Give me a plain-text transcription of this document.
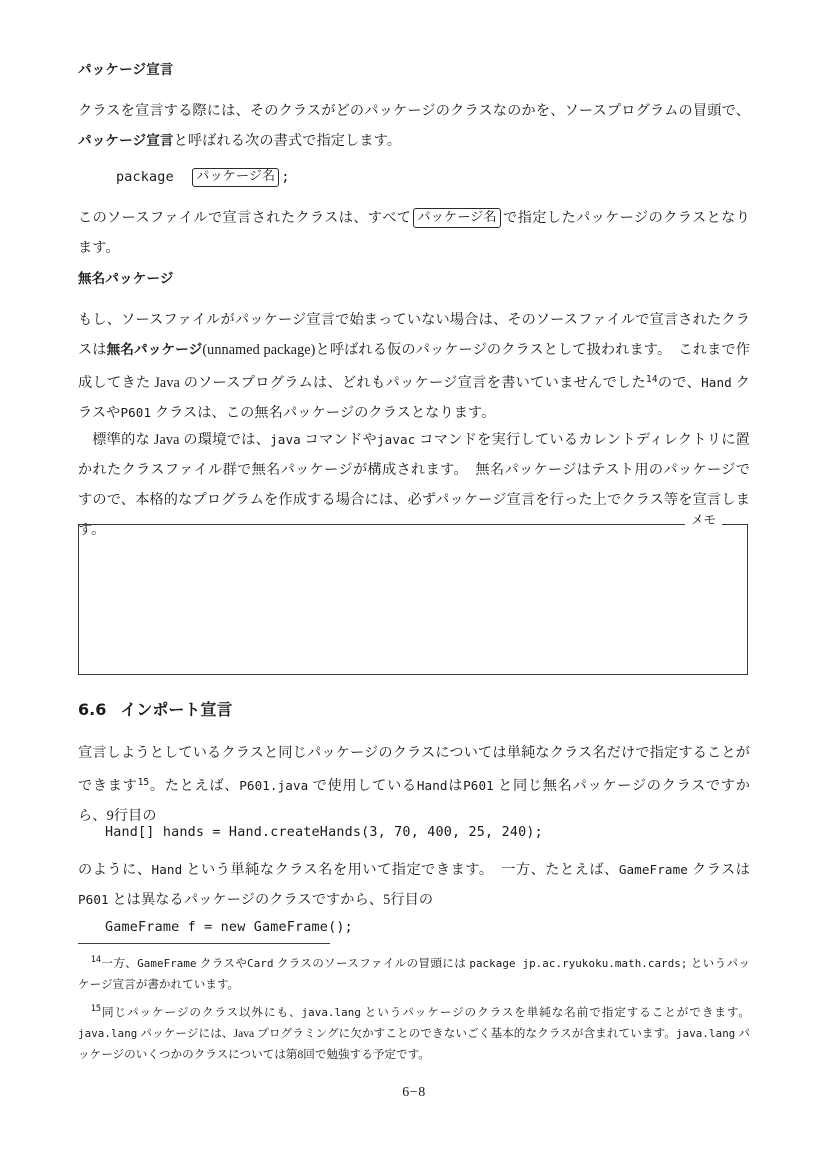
パッケージ宣言

クラスを宣言する際には、そのクラスがどのパッケージのクラスなのかを、ソースプログラムの冒頭で、パッケージ宣言と呼ばれる次の書式で指定します。

package パッケージ名 ;

このソースファイルで宣言されたクラスは、すべて パッケージ名 で指定したパッケージのクラスとなります。

無名パッケージ

もし、ソースファイルがパッケージ宣言で始まっていない場合は、そのソースファイルで宣言されたクラスは無名パッケージ(unnamed package)と呼ばれる仮のパッケージのクラスとして扱われます。　これまで作成してきた Java のソースプログラムは、どれもパッケージ宣言を書いていませんでした$^{14}$ので、Hand クラスやP601 クラスは、この無名パッケージのクラスとなります。

標準的な Java の環境では、java コマンドやjavac コマンドを実行しているカレントディレクトリに置かれたクラスファイル群で無名パッケージが構成されます。　無名パッケージはテスト用のパッケージですので、本格的なプログラムを作成する場合には、必ずパッケージ宣言を行った上でクラス等を宣言します。

メモ
6.6 インポート宣言

宣言しようとしているクラスと同じパッケージのクラスについては単純なクラス名だけで指定することができます$^{15}$。たとえば、P601.java で使用しているHandはP601 と同じ無名パッケージのクラスですから、9行目の

Hand[] hands = Hand.createHands(3, 70, 400, 25, 240);

のように、Hand という単純なクラス名を用いて指定できます。　一方、たとえば、GameFrame クラスはP601 とは異なるパッケージのクラスですから、5行目の

GameFrame f = new GameFrame();

$^{14}$一方、GameFrame クラスやCard クラスのソースファイルの冒頭には package jp.ac.ryukoku.math.cards; というパッケージ宣言が書かれています。

$^{15}$同じパッケージのクラス以外にも、java.lang というパッケージのクラスを単純な名前で指定することができます。java.lang パッケージには、Java プログラミングに欠かすことのできないごく基本的なクラスが含まれています。java.lang パッケージのいくつかのクラスについては第8回で勉強する予定です。

6−8
